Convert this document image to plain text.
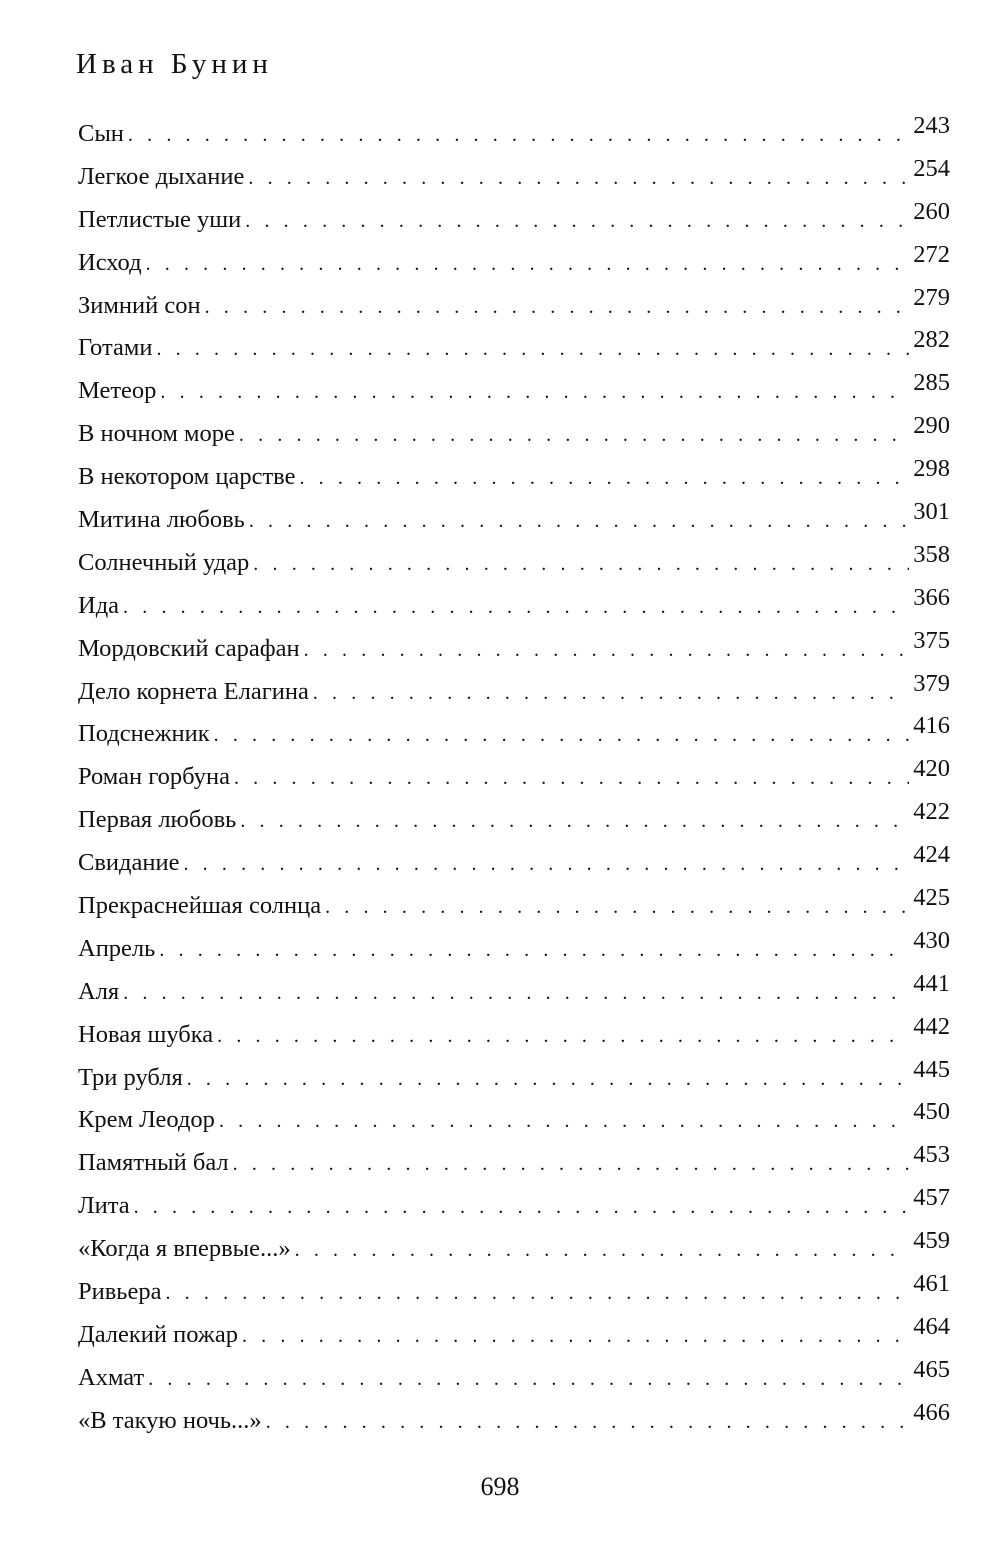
Иван Бунин
Сын . . .	243
Легкое дыхание . . .	254
Петлистые уши . . .	260
Исход . . .	272
Зимний сон . . .	279
Готами . . .	282
Метеор . . .	285
В ночном море . . .	290
В некотором царстве . . .	298
Митина любовь . . .	301
Солнечный удар . . .	358
Ида . . .	366
Мордовский сарафан . . .	375
Дело корнета Елагина . . .	379
Подснежник . . .	416
Роман горбуна . . .	420
Первая любовь . . .	422
Свидание . . .	424
Прекраснейшая солнца . . .	425
Апрель . . .	430
Аля . . .	441
Новая шубка . . .	442
Три рубля . . .	445
Крем Леодор . . .	450
Памятный бал . . .	453
Лита . . .	457
«Когда я впервые...» . . .	459
Ривьера . . .	461
Далекий пожар . . .	464
Ахмат . . .	465
«В такую ночь...» . . .	466
698
